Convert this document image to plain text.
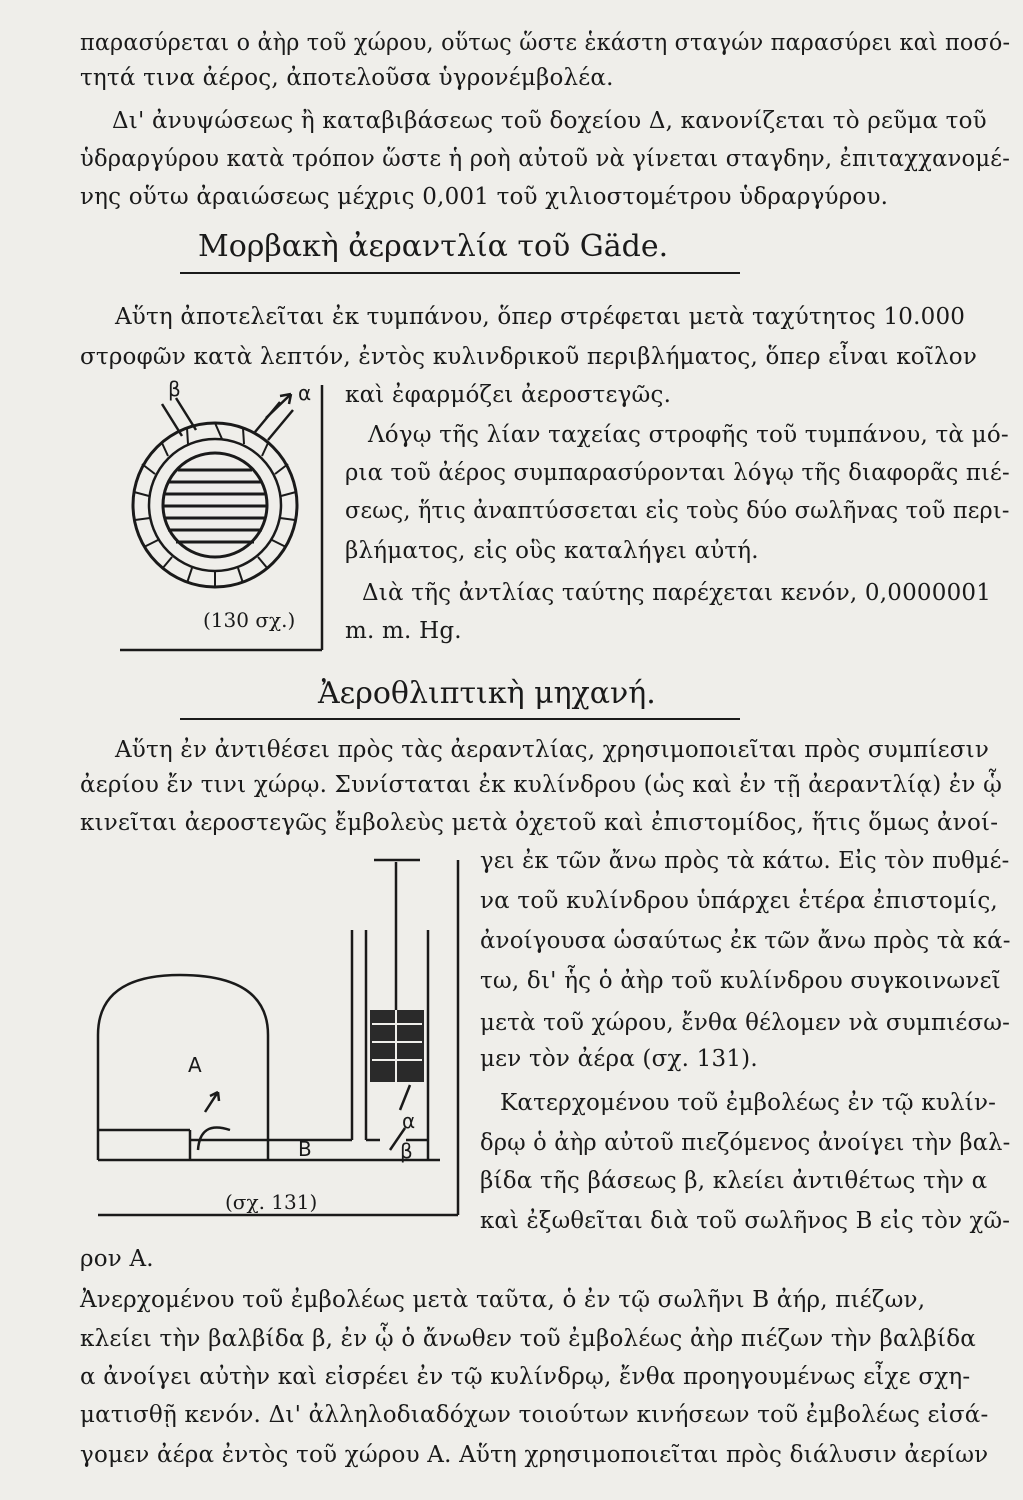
παρασύρεται ο ἀὴρ τοῦ χώρου, οὕτως ὥστε ἑκάστη σταγών παρασύρει καὶ ποσό-
τητά τινα ἀέρος, ἀποτελοῦσα ὑγρονέμβολέα.
Δι' ἀνυψώσεως ἢ καταβιβάσεως τοῦ δοχείου Δ, κανονίζεται τὸ ρεῦμα τοῦ
ὑδραργύρου κατὰ τρόπον ὥστε ἡ ροὴ αὐτοῦ νὰ γίνεται σταγδην, ἐπιταχχανομέ-
νης οὕτω ἀραιώσεως μέχρις 0,001 τοῦ χιλιοστομέτρου ὑδραργύρου.
Μορβακὴ ἀεραντλία τοῦ Gäde.
Αὕτη ἀποτελεῖται ἐκ τυμπάνου, ὅπερ στρέφεται μετὰ ταχύτητος 10.000
στροφῶν κατὰ λεπτόν, ἐντὸς κυλινδρικοῦ περιβλήματος, ὅπερ εἶναι κοῖλον
καὶ ἐφαρμόζει ἀεροστεγῶς.
Λόγῳ τῆς λίαν ταχείας στροφῆς τοῦ τυμπάνου, τὰ μό-
ρια τοῦ ἀέρος συμπαρασύρονται λόγῳ τῆς διαφορᾶς πιέ-
σεως, ἥτις ἀναπτύσσεται εἰς τοὺς δύο σωλῆνας τοῦ περι-
βλήματος, εἰς οὓς καταλήγει αὐτή.
Διὰ τῆς ἀντλίας ταύτης παρέχεται κενόν, 0,0000001
m. m. Hg.
β	α
(130 σχ.)
Ἀεροθλιπτικὴ μηχανή.
Αὕτη ἐν ἀντιθέσει πρὸς τὰς ἀεραντλίας, χρησιμοποιεῖται πρὸς συμπίεσιν
ἀερίου ἔν τινι χώρῳ. Συνίσταται ἐκ κυλίνδρου (ὡς καὶ ἐν τῇ ἀεραντλίᾳ) ἐν ᾧ
κινεῖται ἀεροστεγῶς ἔμβολεὺς μετὰ ὀχετοῦ καὶ ἐπιστομίδος, ἥτις ὅμως ἀνοί-
γει ἐκ τῶν ἄνω πρὸς τὰ κάτω. Εἰς τὸν πυθμέ-
να τοῦ κυλίνδρου ὑπάρχει ἑτέρα ἐπιστομίς,
ἀνοίγουσα ὡσαύτως ἐκ τῶν ἄνω πρὸς τὰ κά-
τω, δι' ἧς ὁ ἀὴρ τοῦ κυλίνδρου συγκοινωνεῖ
μετὰ τοῦ χώρου, ἔνθα θέλομεν νὰ συμπιέσω-
μεν τὸν ἀέρα (σχ. 131).
Κατερχομένου τοῦ ἐμβολέως ἐν τῷ κυλίν-
δρῳ ὁ ἀὴρ αὐτοῦ πιεζόμενος ἀνοίγει τὴν βαλ-
βίδα τῆς βάσεως β, κλείει ἀντιθέτως τὴν α
καὶ ἐξωθεῖται διὰ τοῦ σωλῆνος Β εἰς τὸν χῶ-
ρον Α.
A
B
α
β
(σχ. 131)
Ἀνερχομένου τοῦ ἐμβολέως μετὰ ταῦτα, ὁ ἐν τῷ σωλῆνι Β ἀήρ, πιέζων,
κλείει τὴν βαλβίδα β, ἐν ᾧ ὁ ἄνωθεν τοῦ ἐμβολέως ἀὴρ πιέζων τὴν βαλβίδα
α ἀνοίγει αὐτὴν καὶ εἰσρέει ἐν τῷ κυλίνδρῳ, ἔνθα προηγουμένως εἶχε σχη-
ματισθῇ κενόν. Δι' ἀλληλοδιαδόχων τοιούτων κινήσεων τοῦ ἐμβολέως εἰσά-
γομεν ἀέρα ἐντὸς τοῦ χώρου Α. Αὕτη χρησιμοποιεῖται πρὸς διάλυσιν ἀερίων
